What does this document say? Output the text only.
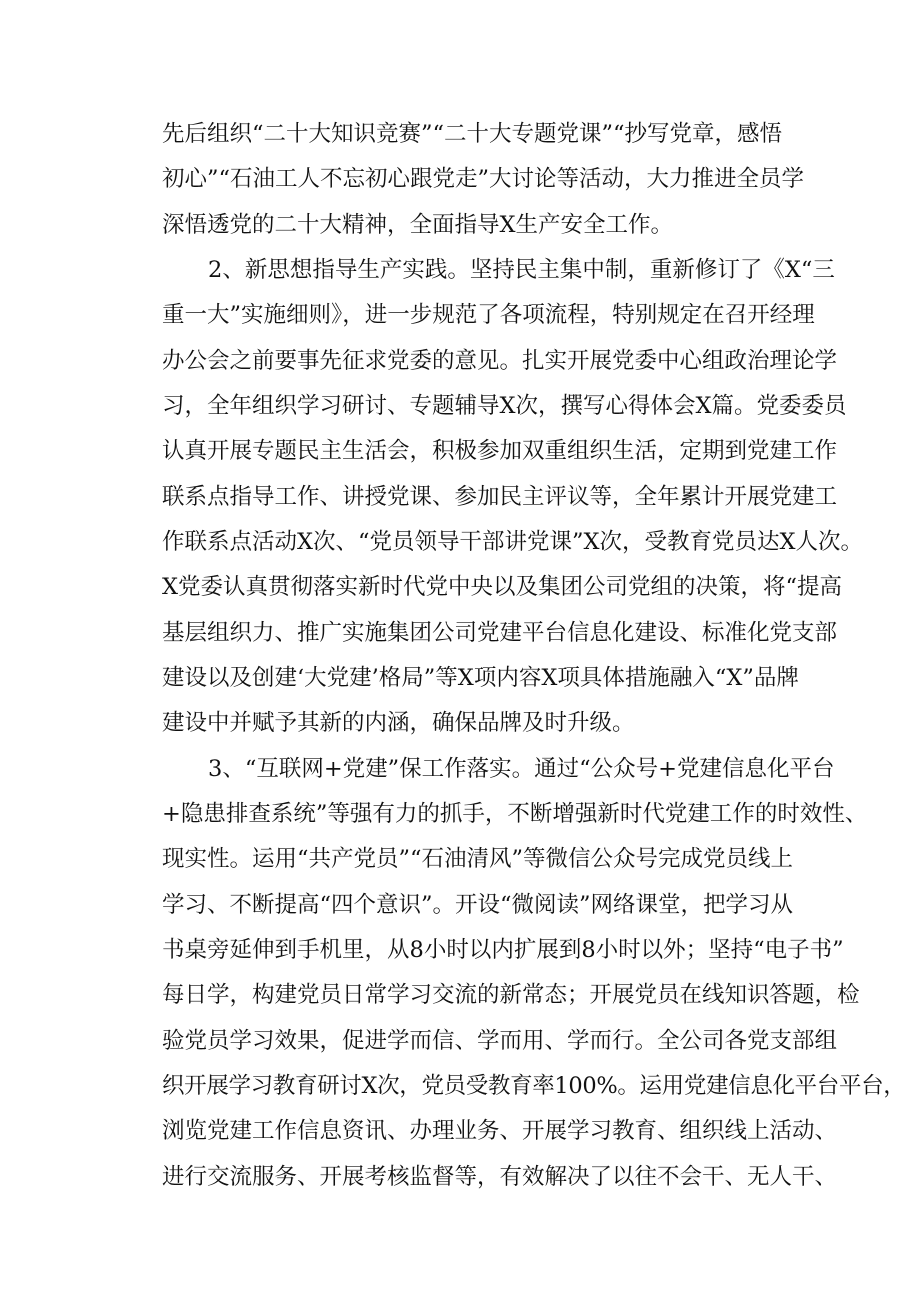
先后组织“二十大知识竞赛”“二十大专题党课”“抄写党章，感悟
初心”“石油工人不忘初心跟党走”大讨论等活动，大力推进全员学
深悟透党的二十大精神，全面指导X生产安全工作。
2、新思想指导生产实践。坚持民主集中制，重新修订了《X“三
重一大”实施细则》，进一步规范了各项流程，特别规定在召开经理
办公会之前要事先征求党委的意见。扎实开展党委中心组政治理论学
习，全年组织学习研讨、专题辅导X次，撰写心得体会X篇。党委委员
认真开展专题民主生活会，积极参加双重组织生活，定期到党建工作
联系点指导工作、讲授党课、参加民主评议等，全年累计开展党建工
作联系点活动X次、“党员领导干部讲党课”X次，受教育党员达X人次。
X党委认真贯彻落实新时代党中央以及集团公司党组的决策，将“提高
基层组织力、推广实施集团公司党建平台信息化建设、标准化党支部
建设以及创建‘大党建’格局”等X项内容X项具体措施融入“X”品牌
建设中并赋予其新的内涵，确保品牌及时升级。
3、“互联网+党建”保工作落实。通过“公众号+党建信息化平台
+隐患排查系统”等强有力的抓手，不断增强新时代党建工作的时效性、
现实性。运用“共产党员”“石油清风”等微信公众号完成党员线上
学习、不断提高“四个意识”。开设“微阅读”网络课堂，把学习从
书桌旁延伸到手机里，从8小时以内扩展到8小时以外；坚持“电子书”
每日学，构建党员日常学习交流的新常态；开展党员在线知识答题，检
验党员学习效果，促进学而信、学而用、学而行。全公司各党支部组
织开展学习教育研讨X次，党员受教育率100%。运用党建信息化平台平台，
浏览党建工作信息资讯、办理业务、开展学习教育、组织线上活动、
进行交流服务、开展考核监督等，有效解决了以往不会干、无人干、
